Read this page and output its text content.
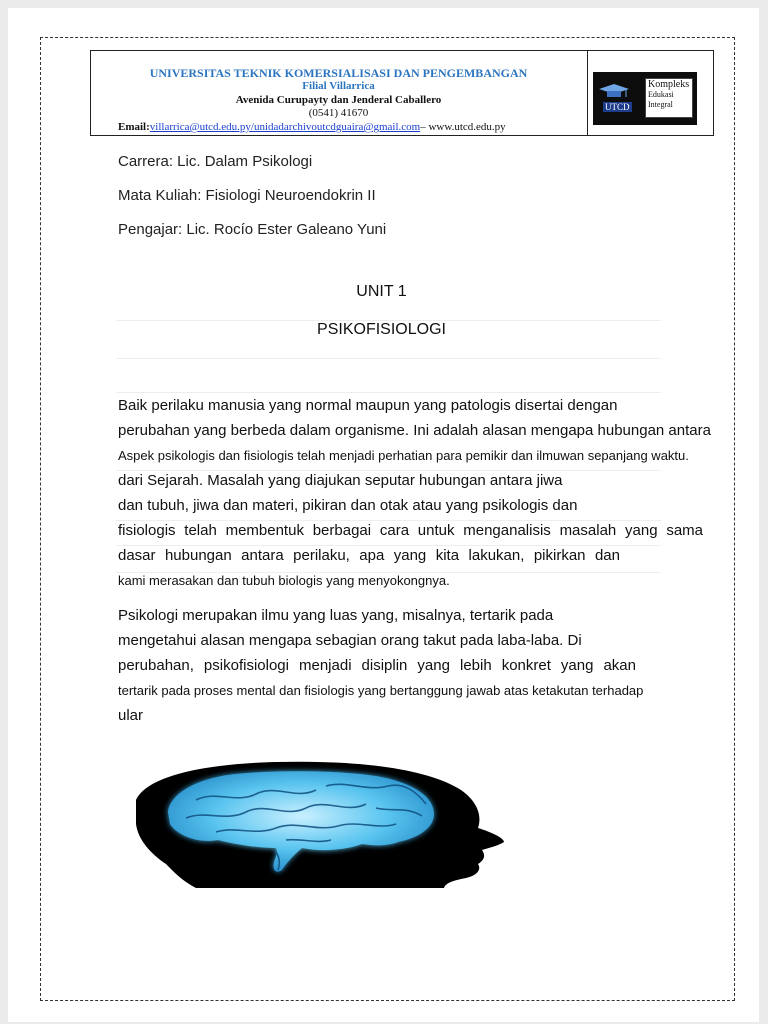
UNIVERSITAS TEKNIK KOMERSIALISASI DAN PENGEMBANGAN

Filial Villarrica

Avenida Curupayty dan Jenderal Caballero

(0541) 41670

Email:villarrica@utcd.edu.py/unidadarchivoutcdguaira@gmail.com– www.utcd.edu.py

UTCD
Kompleks
Edukasi
Integral

Carrera: Lic. Dalam Psikologi

Mata Kuliah: Fisiologi Neuroendokrin II

Pengajar: Lic. Rocío Ester Galeano Yuni

UNIT 1

PSIKOFISIOLOGI

Baik perilaku manusia yang normal maupun yang patologis disertai dengan

perubahan yang berbeda dalam organisme. Ini adalah alasan mengapa hubungan antara

Aspek psikologis dan fisiologis telah menjadi perhatian para pemikir dan ilmuwan sepanjang waktu.

dari Sejarah. Masalah yang diajukan seputar hubungan antara jiwa

dan tubuh, jiwa dan materi, pikiran dan otak atau yang psikologis dan

fisiologis telah membentuk berbagai cara untuk menganalisis masalah yang sama

dasar hubungan antara perilaku, apa yang kita lakukan, pikirkan dan

kami merasakan dan tubuh biologis yang menyokongnya.

Psikologi merupakan ilmu yang luas yang, misalnya, tertarik pada

mengetahui alasan mengapa sebagian orang takut pada laba-laba. Di

perubahan, psikofisiologi menjadi disiplin yang lebih konkret yang akan

tertarik pada proses mental dan fisiologis yang bertanggung jawab atas ketakutan terhadap

ular
